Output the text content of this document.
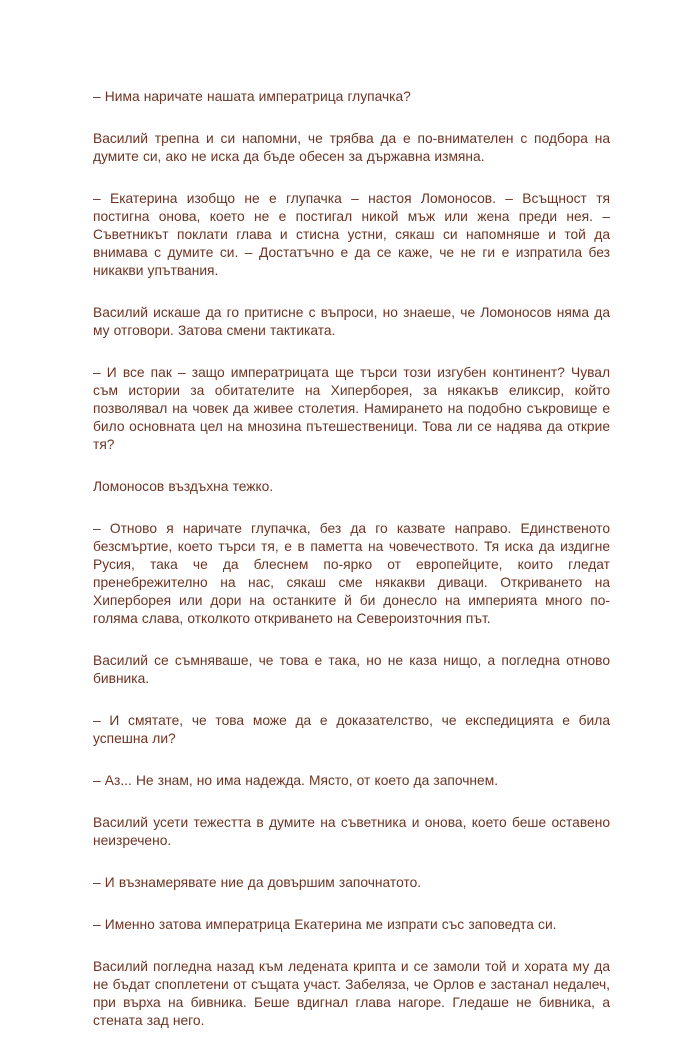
– Нима наричате нашата императрица глупачка?

Василий трепна и си напомни, че трябва да е по-внимателен с подбора на думите си, ако не иска да бъде обесен за държавна измяна.

– Екатерина изобщо не е глупачка – настоя Ломоносов. – Всъщност тя постигна онова, което не е постигал никой мъж или жена преди нея. – Съветникът поклати глава и стисна устни, сякаш си напомняше и той да внимава с думите си. – Достатъчно е да се каже, че не ги е изпратила без никакви упътвания.

Василий искаше да го притисне с въпроси, но знаеше, че Ломоносов няма да му отговори. Затова смени тактиката.

– И все пак – защо императрицата ще търси този изгубен континент? Чувал съм истории за обитателите на Хиперборея, за някакъв еликсир, който позволявал на човек да живее столетия. Намирането на подобно съкровище е било основната цел на мнозина пътешественици. Това ли се надява да открие тя?

Ломоносов въздъхна тежко.

– Отново я наричате глупачка, без да го казвате направо. Единственото безсмъртие, което търси тя, е в паметта на човечеството. Тя иска да издигне Русия, така че да блеснем по-ярко от европейците, които гледат пренебрежително на нас, сякаш сме някакви диваци. Откриването на Хиперборея или дори на останките й би донесло на империята много по-голяма слава, отколкото откриването на Североизточния път.

Василий се съмняваше, че това е така, но не каза нищо, а погледна отново бивника.

– И смятате, че това може да е доказателство, че експедицията е била успешна ли?

– Аз... Не знам, но има надежда. Място, от което да започнем.

Василий усети тежестта в думите на съветника и онова, което беше оставено неизречено.

– И възнамерявате ние да довършим започнатото.

– Именно затова императрица Екатерина ме изпрати със заповедта си.

Василий погледна назад към ледената крипта и се замоли той и хората му да не бъдат споплетени от същата участ. Забеляза, че Орлов е застанал недалеч, при върха на бивника. Беше вдигнал глава нагоре. Гледаше не бивника, а стената зад него.
